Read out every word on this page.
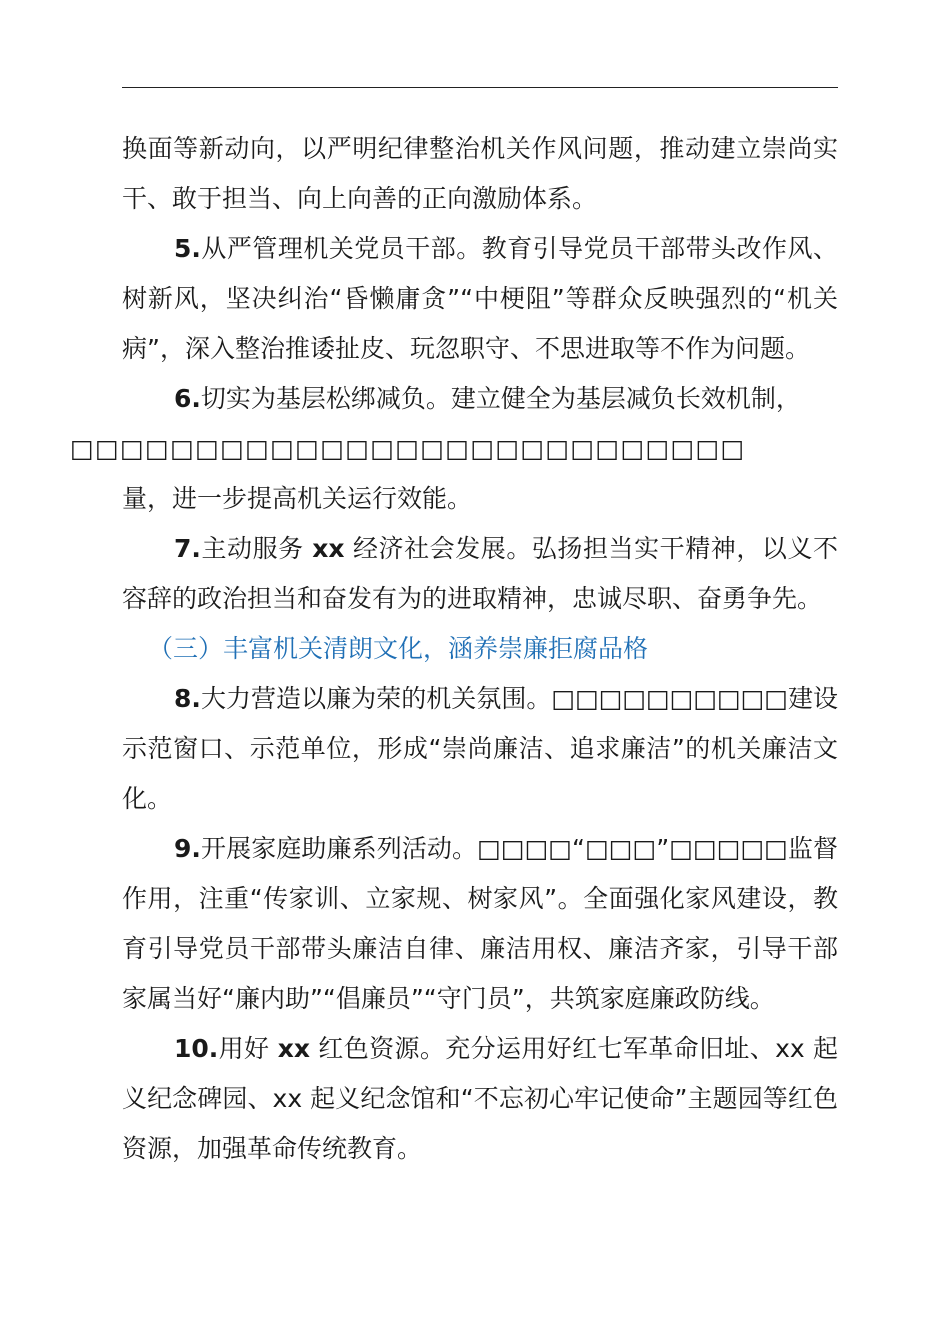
换面等新动向，以严明纪律整治机关作风问题，推动建立崇尚实干、敢于担当、向上向善的正向激励体系。

5.从严管理机关党员干部。教育引导党员干部带头改作风、树新风，坚决纠治“昏懒庸贪”“中梗阻”等群众反映强烈的“机关病”，深入整治推诿扯皮、玩忽职守、不思进取等不作为问题。

6.切实为基层松绑减负。建立健全为基层减负长效机制，
□□□□□□□□□□□□□□□□□□□□□□□□□□□
量，进一步提高机关运行效能。

7.主动服务 xx 经济社会发展。弘扬担当实干精神，以义不容辞的政治担当和奋发有为的进取精神，忠诚尽职、奋勇争先。

（三）丰富机关清朗文化，涵养崇廉拒腐品格

8.大力营造以廉为荣的机关氛围。□□□□□□□□□□建设示范窗口、示范单位，形成“崇尚廉洁、追求廉洁”的机关廉洁文化。

9.开展家庭助廉系列活动。□□□□“□□□”□□□□□监督作用，注重“传家训、立家规、树家风”。全面强化家风建设，教育引导党员干部带头廉洁自律、廉洁用权、廉洁齐家，引导干部家属当好“廉内助”“倡廉员”“守门员”，共筑家庭廉政防线。

10.用好 xx 红色资源。充分运用好红七军革命旧址、xx 起义纪念碑园、xx 起义纪念馆和“不忘初心牢记使命”主题园等红色资源，加强革命传统教育。
